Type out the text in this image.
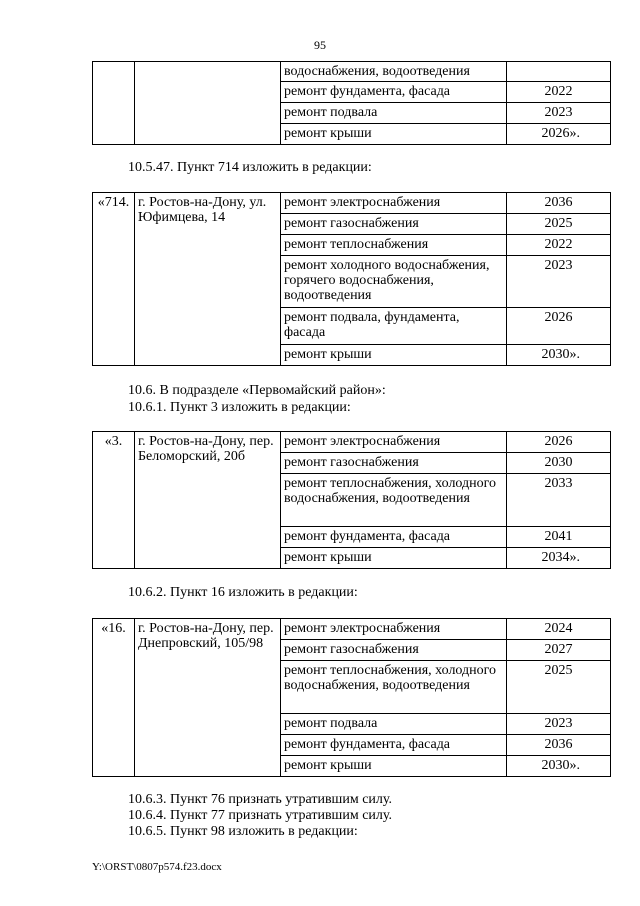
95
		водоснабжения, водоотведения	
		ремонт фундамента, фасада	2022
		ремонт подвала	2023
		ремонт крыши	2026».
10.5.47. Пункт 714 изложить в редакции:
«714.	г. Ростов-на-Дону, ул. Юфимцева, 14	ремонт электроснабжения	2036
		ремонт газоснабжения	2025
		ремонт теплоснабжения	2022
		ремонт холодного водоснабжения, горячего водоснабжения, водоотведения	2023
		ремонт подвала, фундамента, фасада	2026
		ремонт крыши	2030».
10.6. В подразделе «Первомайский район»:
10.6.1. Пункт 3 изложить в редакции:
«3.	г. Ростов-на-Дону, пер. Беломорский, 20б	ремонт электроснабжения	2026
		ремонт газоснабжения	2030
		ремонт теплоснабжения, холодного водоснабжения, водоотведения	2033
		ремонт фундамента, фасада	2041
		ремонт крыши	2034».
10.6.2. Пункт 16 изложить в редакции:
«16.	г. Ростов-на-Дону, пер. Днепровский, 105/98	ремонт электроснабжения	2024
		ремонт газоснабжения	2027
		ремонт теплоснабжения, холодного водоснабжения, водоотведения	2025
		ремонт подвала	2023
		ремонт фундамента, фасада	2036
		ремонт крыши	2030».
10.6.3. Пункт 76 признать утратившим силу.
10.6.4. Пункт 77 признать утратившим силу.
10.6.5. Пункт 98 изложить в редакции:
Y:\ORST\0807p574.f23.docx
